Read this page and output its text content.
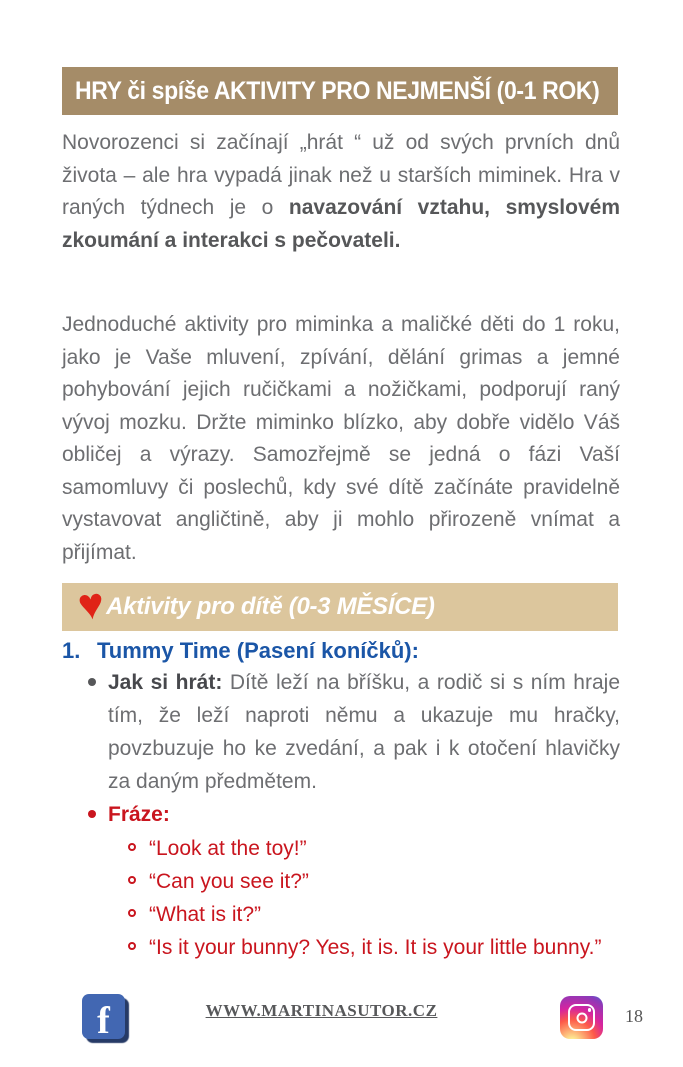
HRY či spíše AKTIVITY PRO NEJMENŠÍ (0-1 ROK)

Novorozenci si začínají „hrát “ už od svých prvních dnů života – ale hra vypadá jinak než u starších miminek. Hra v raných týdnech je o navazování vztahu, smyslovém zkoumání a interakci s pečovateli.

Jednoduché aktivity pro miminka a maličké děti do 1 roku, jako je Vaše mluvení, zpívání, dělání grimas a jemné pohybování jejich ručičkami a nožičkami, podporují raný vývoj mozku. Držte miminko blízko, aby dobře vidělo Váš obličej a výrazy. Samozřejmě se jedná o fázi Vaší samomluvy či poslechů, kdy své dítě začínáte pravidelně vystavovat angličtině, aby ji mohlo přirozeně vnímat a přijímat.

♥ Aktivity pro dítě (0-3 MĚSÍCE)
1. Tummy Time (Pasení koníčků):
Jak si hrát: Dítě leží na bříšku, a rodič si s ním hraje tím, že leží naproti němu a ukazuje mu hračky, povzbuzuje ho ke zvedání, a pak i k otočení hlavičky za daným předmětem.
Fráze:
“Look at the toy!”
“Can you see it?”
“What is it?”
“Is it your bunny? Yes, it is. It is your little bunny.”
f	WWW.MARTINASUTOR.CZ	18
